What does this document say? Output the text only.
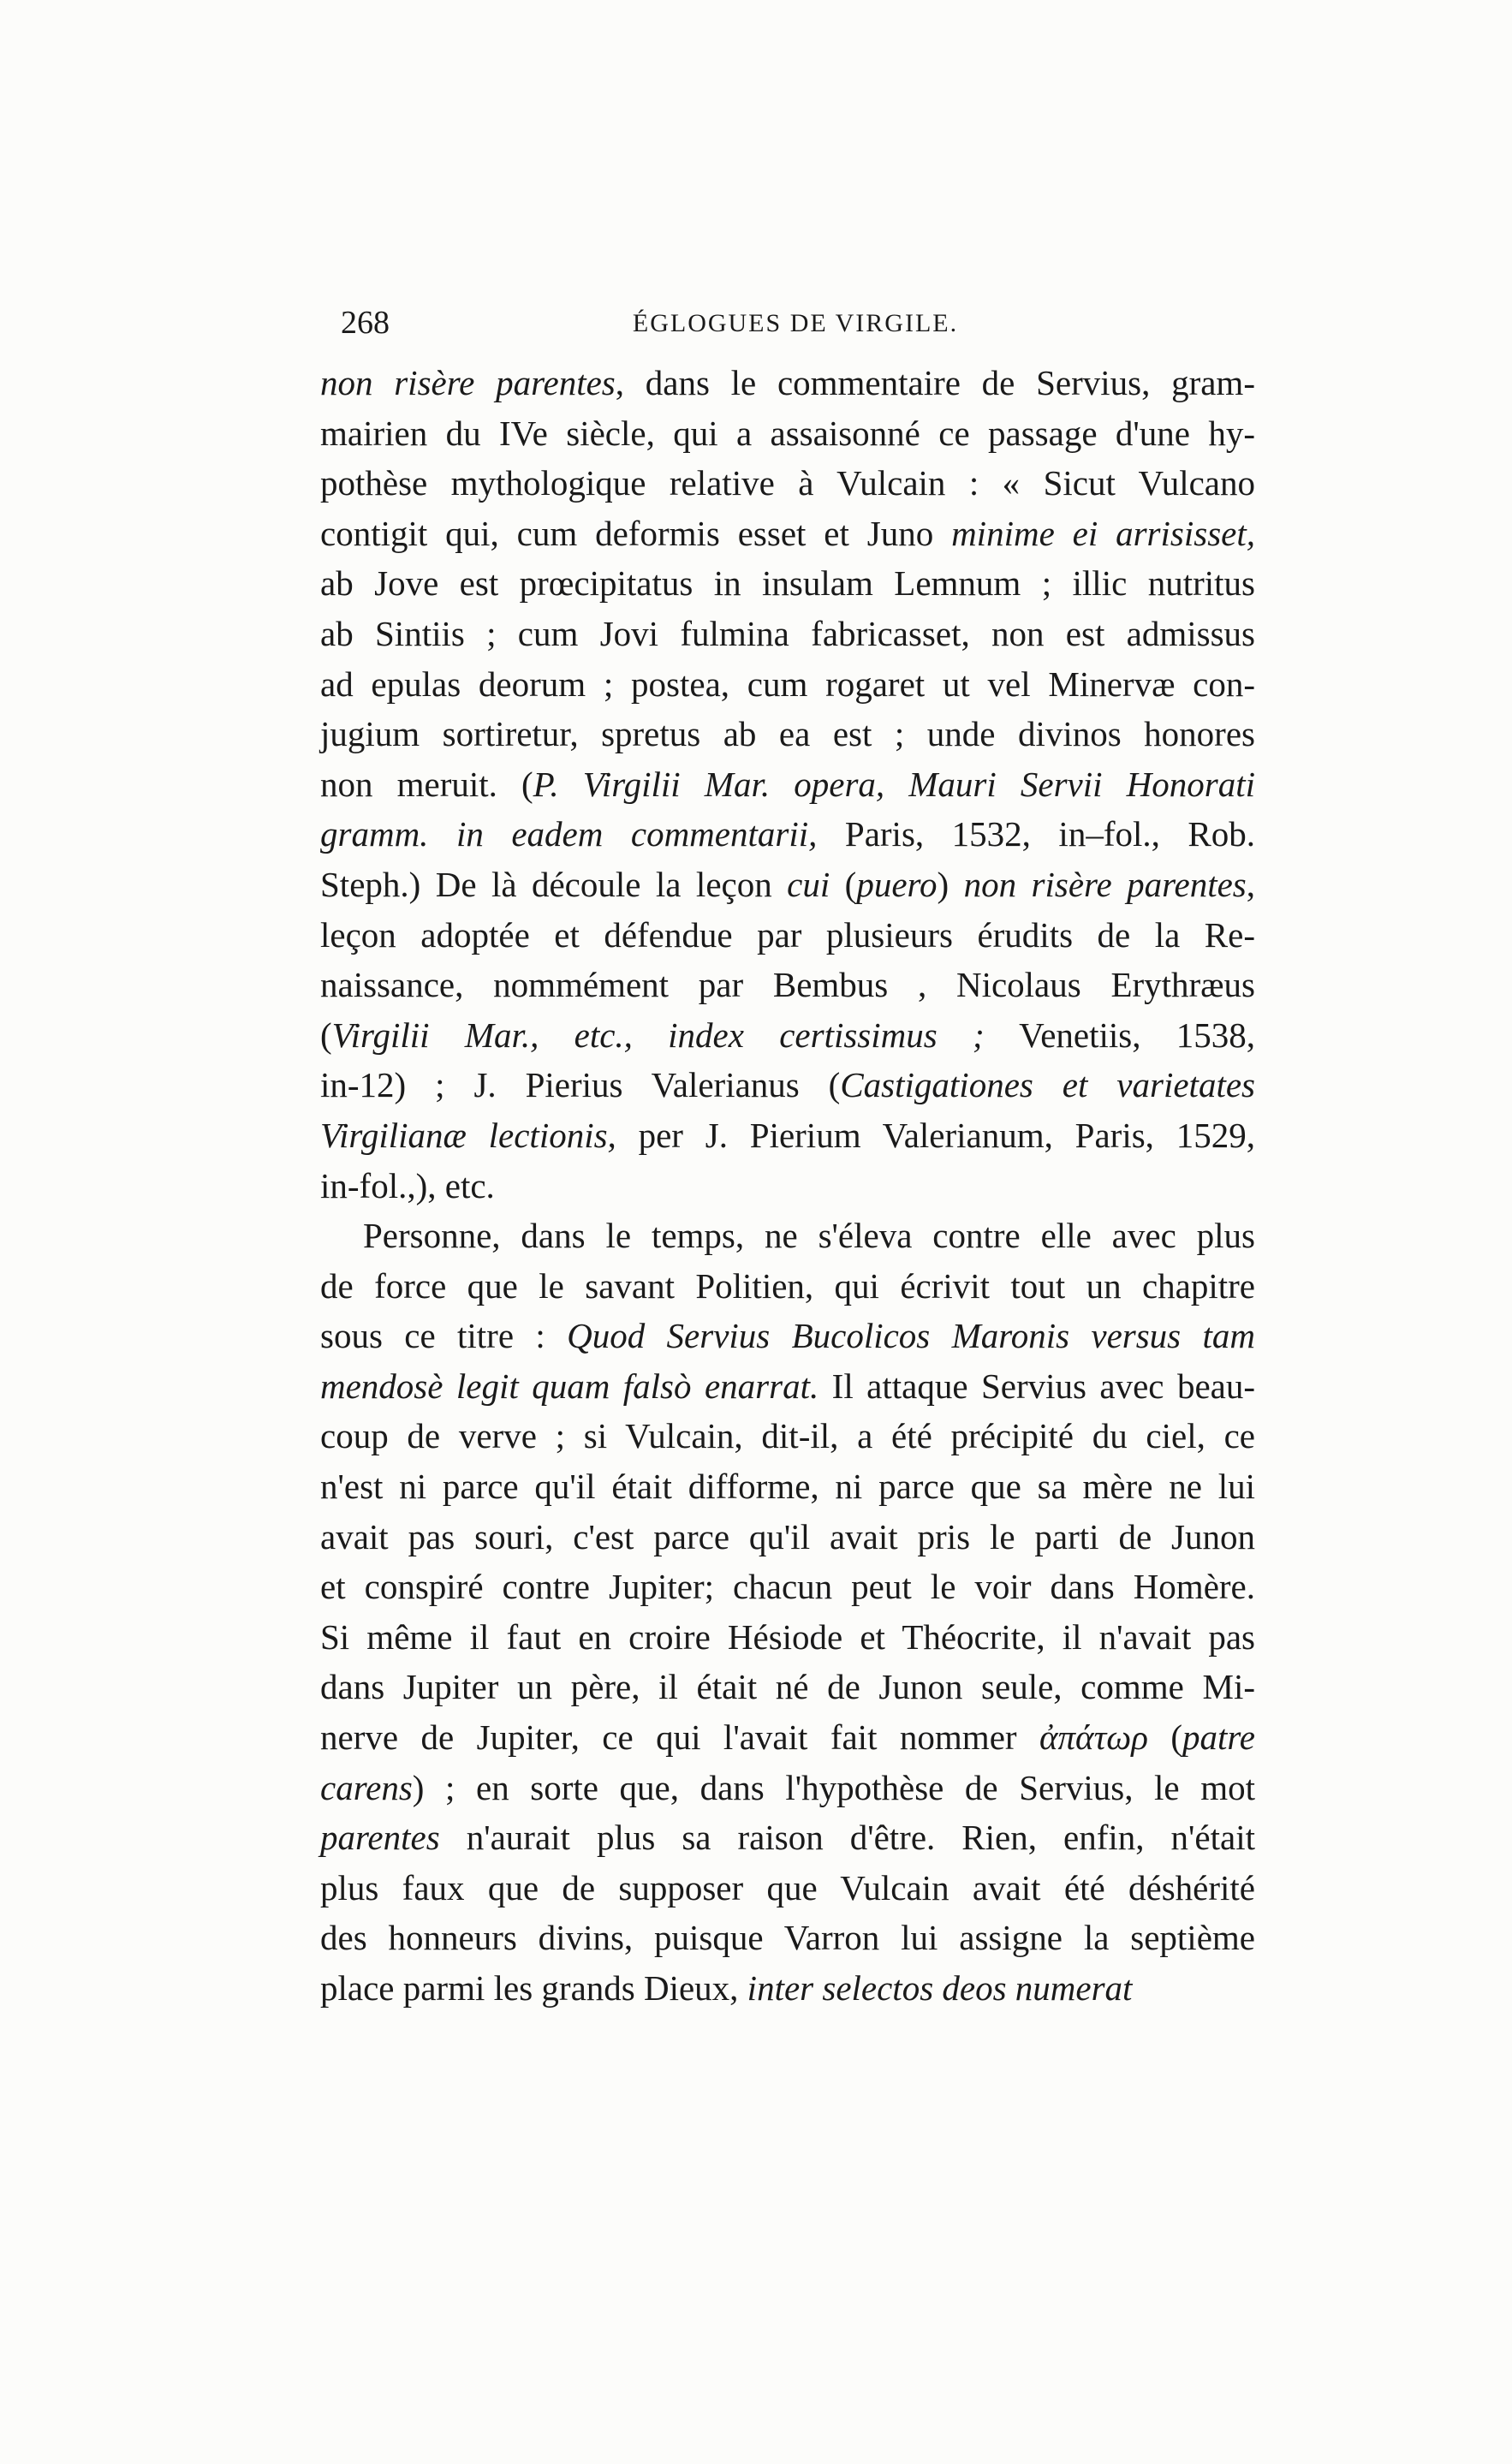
268	ÉGLOGUES DE VIRGILE.
non risère parentes, dans le commentaire de Servius, gram-
mairien du IVe siècle, qui a assaisonné ce passage d'une hy-
pothèse mythologique relative à Vulcain : « Sicut Vulcano
contigit qui, cum deformis esset et Juno minime ei arrisisset,
ab Jove est prœcipitatus in insulam Lemnum ; illic nutritus
ab Sintiis ; cum Jovi fulmina fabricasset, non est admissus
ad epulas deorum ; postea, cum rogaret ut vel Minervæ con-
jugium sortiretur, spretus ab ea est ; unde divinos honores
non meruit. (P. Virgilii Mar. opera, Mauri Servii Honorati
gramm. in eadem commentarii, Paris, 1532, in–fol., Rob.
Steph.) De là découle la leçon cui (puero) non risère parentes,
leçon adoptée et défendue par plusieurs érudits de la Re-
naissance, nommément par Bembus , Nicolaus Erythræus
(Virgilii Mar., etc., index certissimus ; Venetiis, 1538,
in-12) ; J. Pierius Valerianus (Castigationes et varietates
Virgilianæ lectionis, per J. Pierium Valerianum, Paris, 1529,
in-fol.,), etc.
Personne, dans le temps, ne s'éleva contre elle avec plus
de force que le savant Politien, qui écrivit tout un chapitre
sous ce titre : Quod Servius Bucolicos Maronis versus tam
mendosè legit quam falsò enarrat. Il attaque Servius avec beau-
coup de verve ; si Vulcain, dit-il, a été précipité du ciel, ce
n'est ni parce qu'il était difforme, ni parce que sa mère ne lui
avait pas souri, c'est parce qu'il avait pris le parti de Junon
et conspiré contre Jupiter; chacun peut le voir dans Homère.
Si même il faut en croire Hésiode et Théocrite, il n'avait pas
dans Jupiter un père, il était né de Junon seule, comme Mi-
nerve de Jupiter, ce qui l'avait fait nommer ἀπάτωρ (patre
carens) ; en sorte que, dans l'hypothèse de Servius, le mot
parentes n'aurait plus sa raison d'être. Rien, enfin, n'était
plus faux que de supposer que Vulcain avait été déshérité
des honneurs divins, puisque Varron lui assigne la septième
place parmi les grands Dieux, inter selectos deos numerat
